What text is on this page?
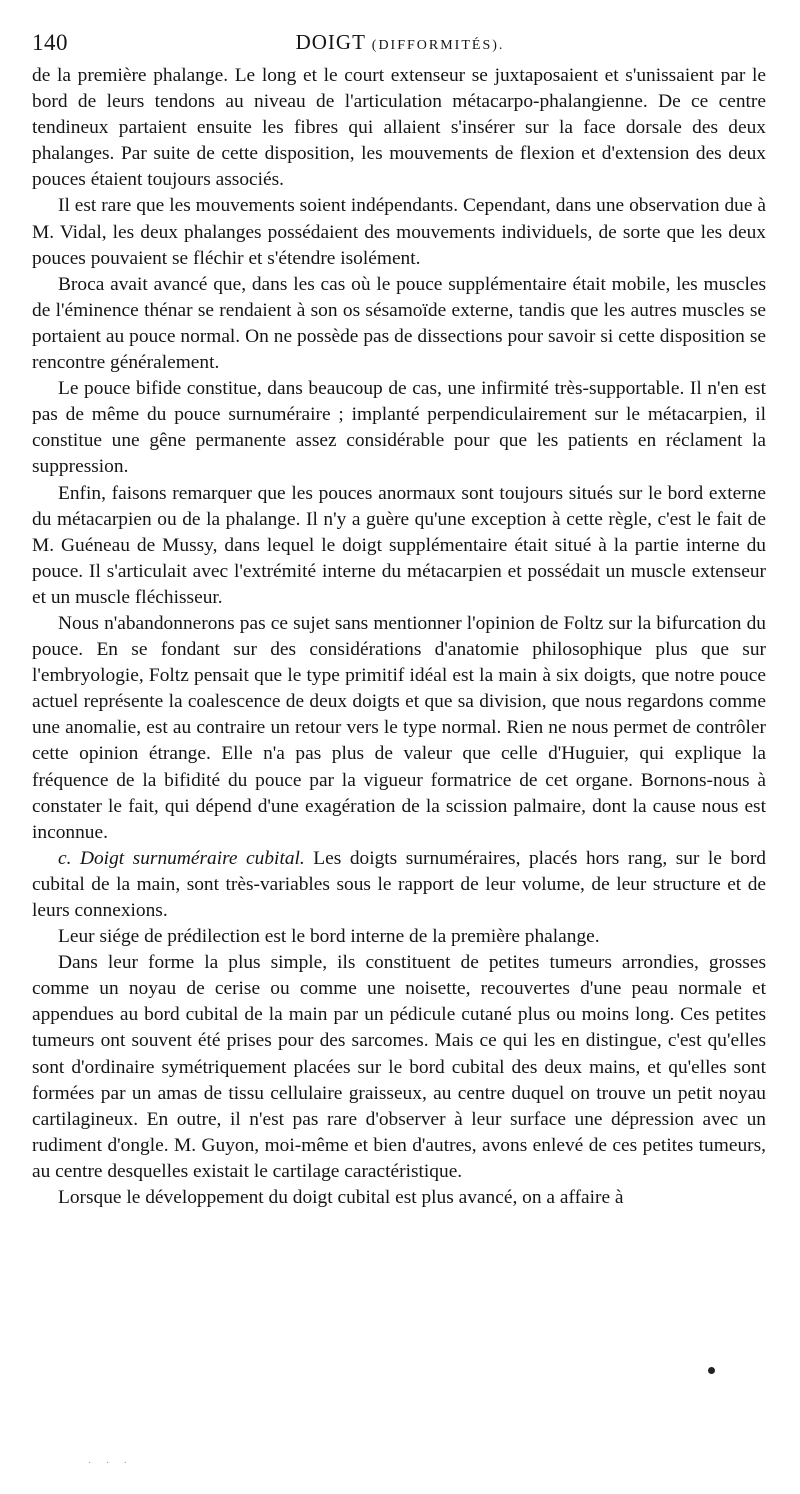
140	DOIGT (DIFFORMITÉS).

de la première phalange. Le long et le court extenseur se juxtaposaient et s'unissaient par le bord de leurs tendons au niveau de l'articulation métacarpo-phalangienne. De ce centre tendineux partaient ensuite les fibres qui allaient s'insérer sur la face dorsale des deux phalanges. Par suite de cette disposition, les mouvements de flexion et d'extension des deux pouces étaient toujours associés.

Il est rare que les mouvements soient indépendants. Cependant, dans une observation due à M. Vidal, les deux phalanges possédaient des mouvements individuels, de sorte que les deux pouces pouvaient se fléchir et s'étendre isolément.

Broca avait avancé que, dans les cas où le pouce supplémentaire était mobile, les muscles de l'éminence thénar se rendaient à son os sésamoïde externe, tandis que les autres muscles se portaient au pouce normal. On ne possède pas de dissections pour savoir si cette disposition se rencontre généralement.

Le pouce bifide constitue, dans beaucoup de cas, une infirmité très-supportable. Il n'en est pas de même du pouce surnuméraire ; implanté perpendiculairement sur le métacarpien, il constitue une gêne permanente assez considérable pour que les patients en réclament la suppression.

Enfin, faisons remarquer que les pouces anormaux sont toujours situés sur le bord externe du métacarpien ou de la phalange. Il n'y a guère qu'une exception à cette règle, c'est le fait de M. Guéneau de Mussy, dans lequel le doigt supplémentaire était situé à la partie interne du pouce. Il s'articulait avec l'extrémité interne du métacarpien et possédait un muscle extenseur et un muscle fléchisseur.

Nous n'abandonnerons pas ce sujet sans mentionner l'opinion de Foltz sur la bifurcation du pouce. En se fondant sur des considérations d'anatomie philosophique plus que sur l'embryologie, Foltz pensait que le type primitif idéal est la main à six doigts, que notre pouce actuel représente la coalescence de deux doigts et que sa division, que nous regardons comme une anomalie, est au contraire un retour vers le type normal. Rien ne nous permet de contrôler cette opinion étrange. Elle n'a pas plus de valeur que celle d'Huguier, qui explique la fréquence de la bifidité du pouce par la vigueur formatrice de cet organe. Bornons-nous à constater le fait, qui dépend d'une exagération de la scission palmaire, dont la cause nous est inconnue.

c. Doigt surnuméraire cubital. Les doigts surnuméraires, placés hors rang, sur le bord cubital de la main, sont très-variables sous le rapport de leur volume, de leur structure et de leurs connexions.

Leur siége de prédilection est le bord interne de la première phalange.

Dans leur forme la plus simple, ils constituent de petites tumeurs arrondies, grosses comme un noyau de cerise ou comme une noisette, recouvertes d'une peau normale et appendues au bord cubital de la main par un pédicule cutané plus ou moins long. Ces petites tumeurs ont souvent été prises pour des sarcomes. Mais ce qui les en distingue, c'est qu'elles sont d'ordinaire symétriquement placées sur le bord cubital des deux mains, et qu'elles sont formées par un amas de tissu cellulaire graisseux, au centre duquel on trouve un petit noyau cartilagineux. En outre, il n'est pas rare d'observer à leur surface une dépression avec un rudiment d'ongle. M. Guyon, moi-même et bien d'autres, avons enlevé de ces petites tumeurs, au centre desquelles existait le cartilage caractéristique.

Lorsque le développement du doigt cubital est plus avancé, on a affaire à

· · ·
